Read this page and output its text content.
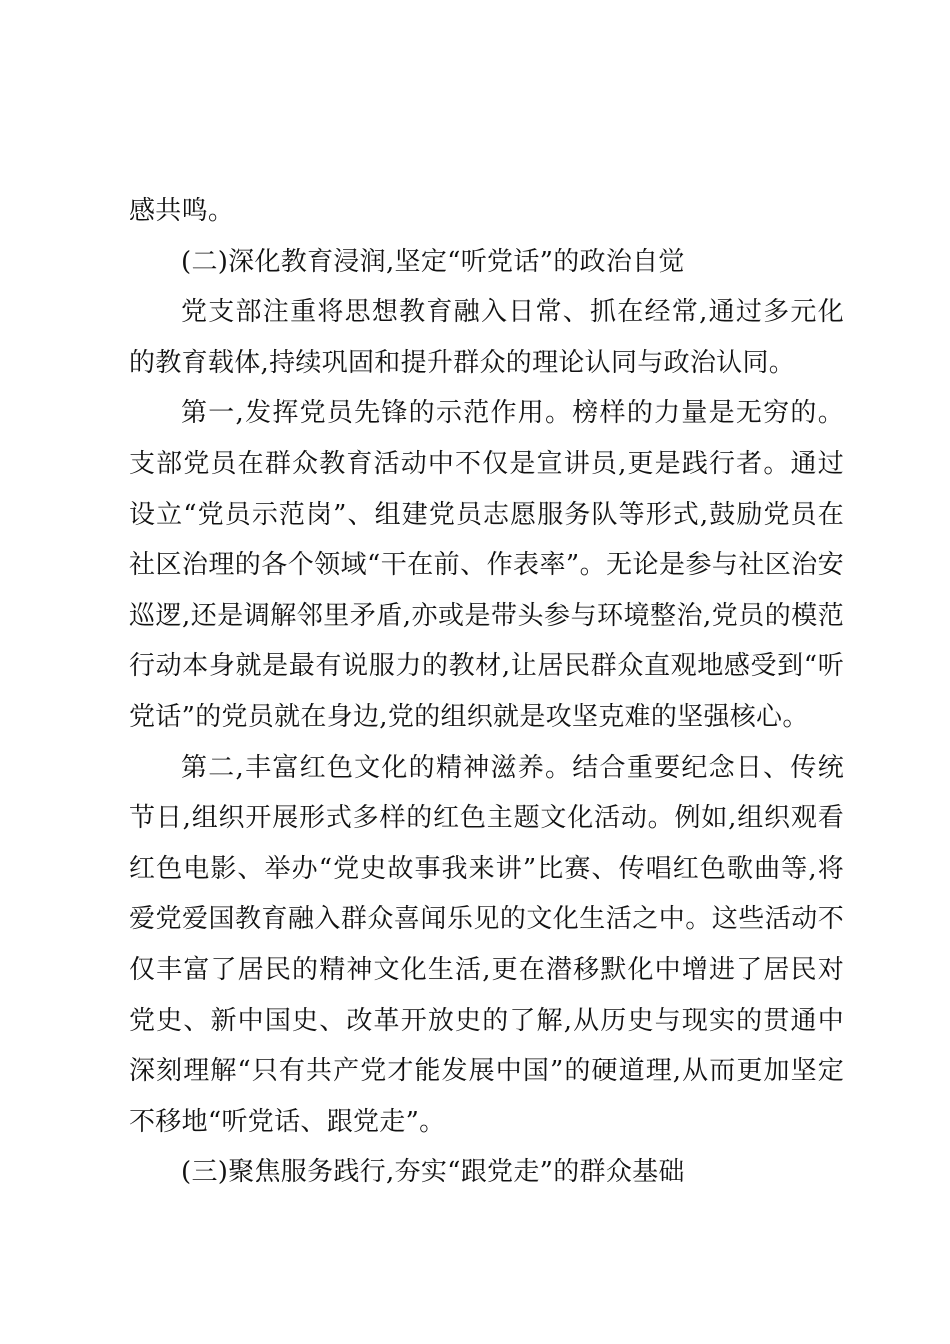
感共鸣。

(二)深化教育浸润,坚定“听党话”的政治自觉

党支部注重将思想教育融入日常、抓在经常,通过多元化的教育载体,持续巩固和提升群众的理论认同与政治认同。

第一,发挥党员先锋的示范作用。榜样的力量是无穷的。支部党员在群众教育活动中不仅是宣讲员,更是践行者。通过设立“党员示范岗”、组建党员志愿服务队等形式,鼓励党员在社区治理的各个领域“干在前、作表率”。无论是参与社区治安巡逻,还是调解邻里矛盾,亦或是带头参与环境整治,党员的模范行动本身就是最有说服力的教材,让居民群众直观地感受到“听党话”的党员就在身边,党的组织就是攻坚克难的坚强核心。

第二,丰富红色文化的精神滋养。结合重要纪念日、传统节日,组织开展形式多样的红色主题文化活动。例如,组织观看红色电影、举办“党史故事我来讲”比赛、传唱红色歌曲等,将爱党爱国教育融入群众喜闻乐见的文化生活之中。这些活动不仅丰富了居民的精神文化生活,更在潜移默化中增进了居民对党史、新中国史、改革开放史的了解,从历史与现实的贯通中深刻理解“只有共产党才能发展中国”的硬道理,从而更加坚定不移地“听党话、跟党走”。

(三)聚焦服务践行,夯实“跟党走”的群众基础
